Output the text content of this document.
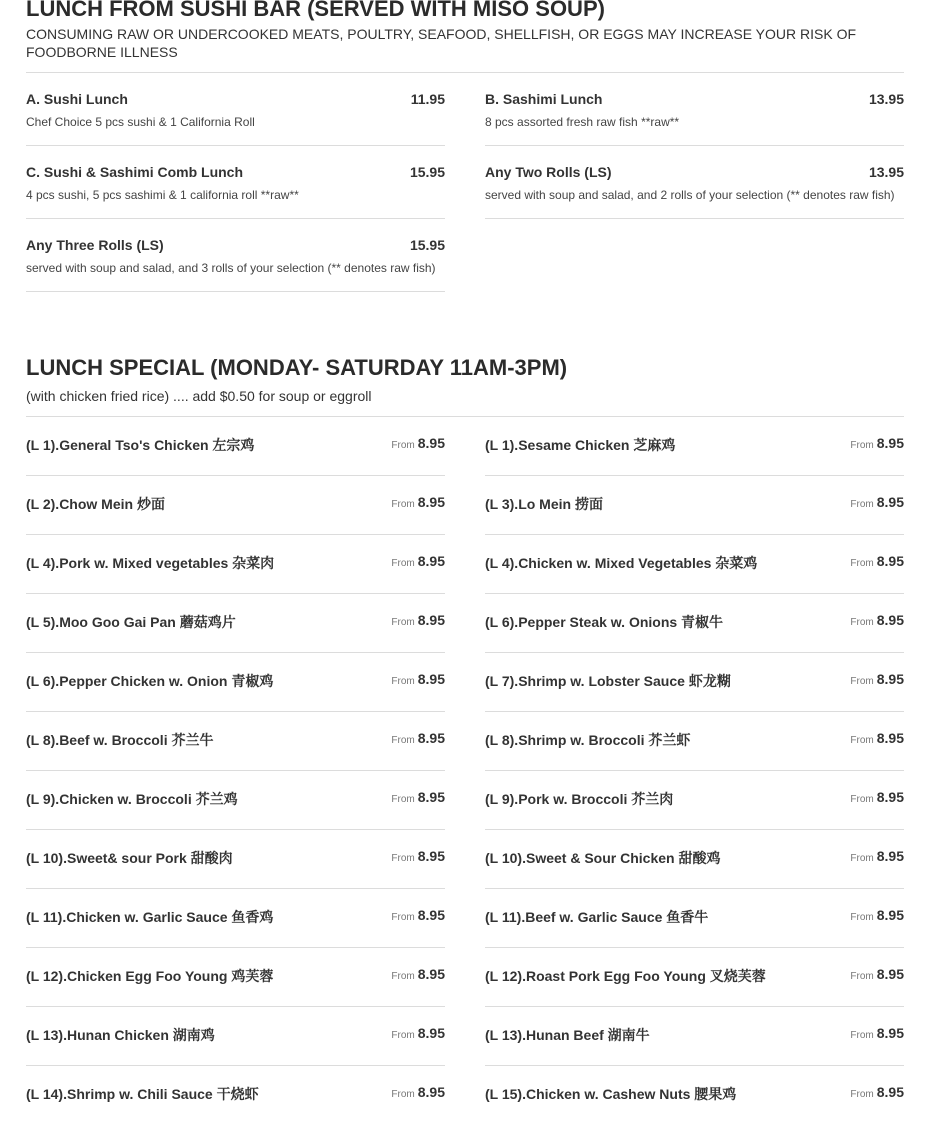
LUNCH FROM SUSHI BAR (SERVED WITH MISO SOUP)
CONSUMING RAW OR UNDERCOOKED MEATS, POULTRY, SEAFOOD, SHELLFISH, OR EGGS MAY INCREASE YOUR RISK OF FOODBORNE ILLNESS
A. Sushi Lunch	11.95
Chef Choice 5 pcs sushi & 1 California Roll
B. Sashimi Lunch	13.95
8 pcs assorted fresh raw fish **raw**
C. Sushi & Sashimi Comb Lunch	15.95
4 pcs sushi, 5 pcs sashimi & 1 california roll **raw**
Any Two Rolls (LS)	13.95
served with soup and salad, and 2 rolls of your selection (** denotes raw fish)
Any Three Rolls (LS)	15.95
served with soup and salad, and 3 rolls of your selection (** denotes raw fish)
LUNCH SPECIAL (MONDAY- SATURDAY 11AM-3PM)
(with chicken fried rice) .... add $0.50 for soup or eggroll
(L 1).General Tso's Chicken 左宗鸡	From 8.95	(L 1).Sesame Chicken 芝麻鸡	From 8.95
(L 2).Chow Mein 炒面	From 8.95	(L 3).Lo Mein 捞面	From 8.95
(L 4).Pork w. Mixed vegetables 杂菜肉	From 8.95	(L 4).Chicken w. Mixed Vegetables 杂菜鸡	From 8.95
(L 5).Moo Goo Gai Pan 蘑菇鸡片	From 8.95	(L 6).Pepper Steak w. Onions 青椒牛	From 8.95
(L 6).Pepper Chicken w. Onion 青椒鸡	From 8.95	(L 7).Shrimp w. Lobster Sauce 虾龙糊	From 8.95
(L 8).Beef w. Broccoli 芥兰牛	From 8.95	(L 8).Shrimp w. Broccoli 芥兰虾	From 8.95
(L 9).Chicken w. Broccoli 芥兰鸡	From 8.95	(L 9).Pork w. Broccoli 芥兰肉	From 8.95
(L 10).Sweet& sour Pork 甜酸肉	From 8.95	(L 10).Sweet & Sour Chicken 甜酸鸡	From 8.95
(L 11).Chicken w. Garlic Sauce 鱼香鸡	From 8.95	(L 11).Beef w. Garlic Sauce 鱼香牛	From 8.95
(L 12).Chicken Egg Foo Young 鸡芙蓉	From 8.95	(L 12).Roast Pork Egg Foo Young 叉烧芙蓉	From 8.95
(L 13).Hunan Chicken 湖南鸡	From 8.95	(L 13).Hunan Beef 湖南牛	From 8.95
(L 14).Shrimp w. Chili Sauce 干烧虾	From 8.95	(L 15).Chicken w. Cashew Nuts 腰果鸡	From 8.95
